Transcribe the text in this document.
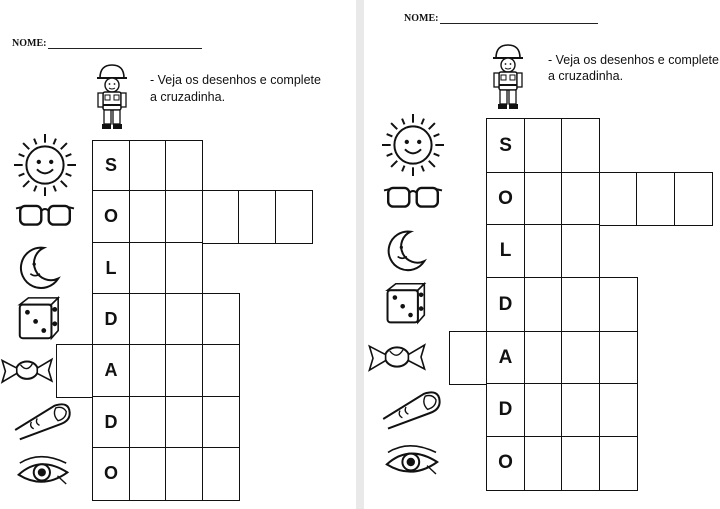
NOME:
- Veja os desenhos e complete
a cruzadinha.
S
O
L
D
A
D
O
NOME:
- Veja os desenhos e complete
a cruzadinha.
S
O
L
D
A
D
O
